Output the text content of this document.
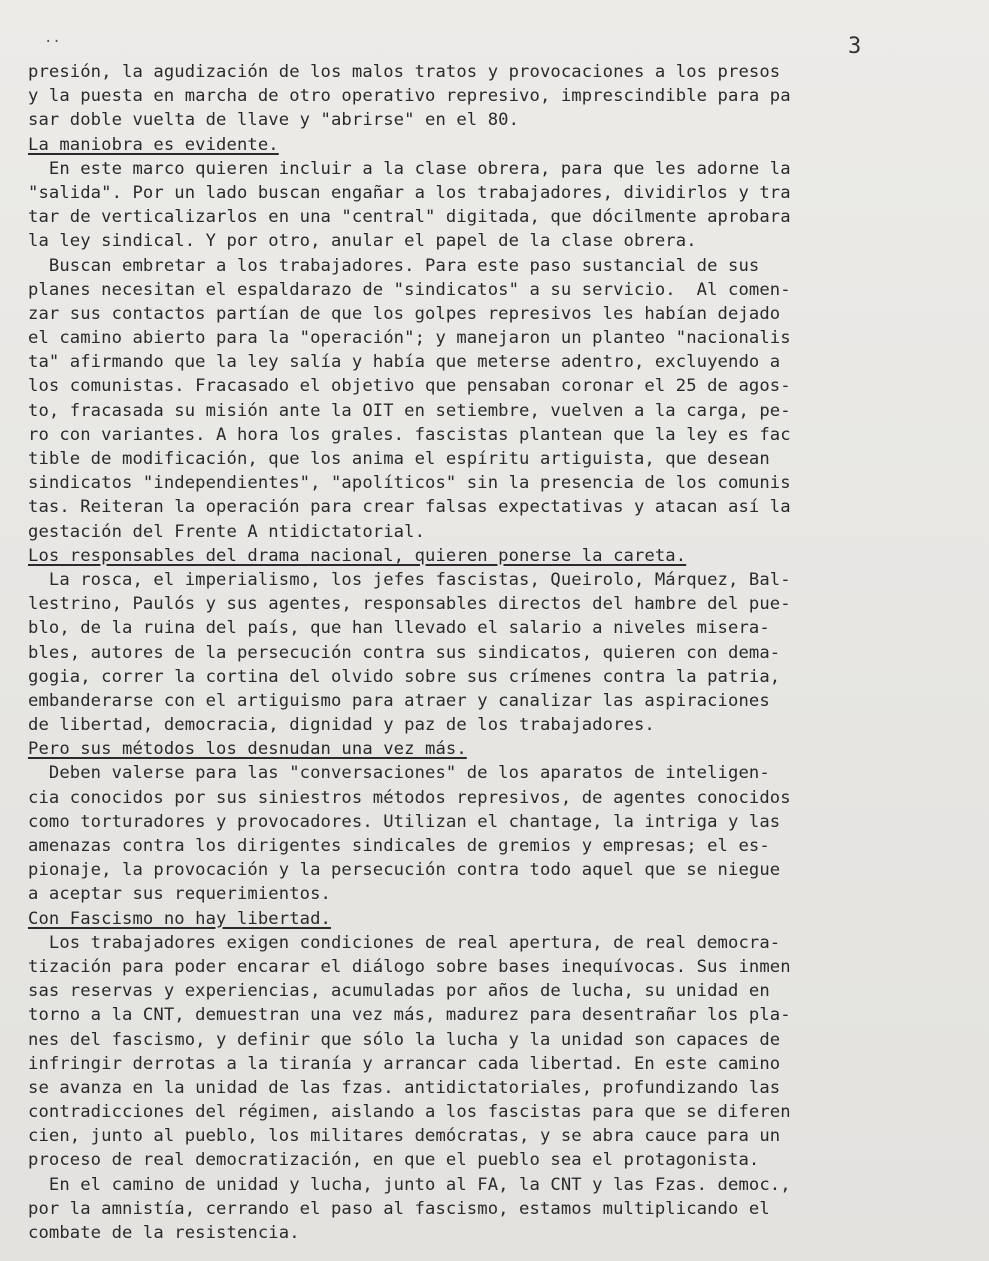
..	3
presión, la agudización de los malos tratos y provocaciones a los presos
y la puesta en marcha de otro operativo represivo, imprescindible para pa
sar doble vuelta de llave y "abrirse" en el 80.
La maniobra es evidente.
En este marco quieren incluir a la clase obrera, para que les adorne la
"salida". Por un lado buscan engañar a los trabajadores, dividirlos y tra
tar de verticalizarlos en una "central" digitada, que dócilmente aprobara
la ley sindical. Y por otro, anular el papel de la clase obrera.
Buscan embretar a los trabajadores. Para este paso sustancial de sus
planes necesitan el espaldarazo de "sindicatos" a su servicio.  Al comen-
zar sus contactos partían de que los golpes represivos les habían dejado
el camino abierto para la "operación"; y manejaron un planteo "nacionalis
ta" afirmando que la ley salía y había que meterse adentro, excluyendo a
los comunistas. Fracasado el objetivo que pensaban coronar el 25 de agos-
to, fracasada su misión ante la OIT en setiembre, vuelven a la carga, pe-
ro con variantes. A hora los grales. fascistas plantean que la ley es fac
tible de modificación, que los anima el espíritu artiguista, que desean
sindicatos "independientes", "apolíticos" sin la presencia de los comunis
tas. Reiteran la operación para crear falsas expectativas y atacan así la
gestación del Frente A ntidictatorial.
Los responsables del drama nacional, quieren ponerse la careta.
La rosca, el imperialismo, los jefes fascistas, Queirolo, Márquez, Bal-
lestrino, Paulós y sus agentes, responsables directos del hambre del pue-
blo, de la ruina del país, que han llevado el salario a niveles misera-
bles, autores de la persecución contra sus sindicatos, quieren con dema-
gogia, correr la cortina del olvido sobre sus crímenes contra la patria,
embanderarse con el artiguismo para atraer y canalizar las aspiraciones
de libertad, democracia, dignidad y paz de los trabajadores.
Pero sus métodos los desnudan una vez más.
Deben valerse para las "conversaciones" de los aparatos de inteligen-
cia conocidos por sus siniestros métodos represivos, de agentes conocidos
como torturadores y provocadores. Utilizan el chantage, la intriga y las
amenazas contra los dirigentes sindicales de gremios y empresas; el es-
pionaje, la provocación y la persecución contra todo aquel que se niegue
a aceptar sus requerimientos.
Con Fascismo no hay libertad.
Los trabajadores exigen condiciones de real apertura, de real democra-
tización para poder encarar el diálogo sobre bases inequívocas. Sus inmen
sas reservas y experiencias, acumuladas por años de lucha, su unidad en
torno a la CNT, demuestran una vez más, madurez para desentrañar los pla-
nes del fascismo, y definir que sólo la lucha y la unidad son capaces de
infringir derrotas a la tiranía y arrancar cada libertad. En este camino
se avanza en la unidad de las fzas. antidictatoriales, profundizando las
contradicciones del régimen, aislando a los fascistas para que se diferen
cien, junto al pueblo, los militares demócratas, y se abra cauce para un
proceso de real democratización, en que el pueblo sea el protagonista.
En el camino de unidad y lucha, junto al FA, la CNT y las Fzas. democ.,
por la amnistía, cerrando el paso al fascismo, estamos multiplicando el
combate de la resistencia.
